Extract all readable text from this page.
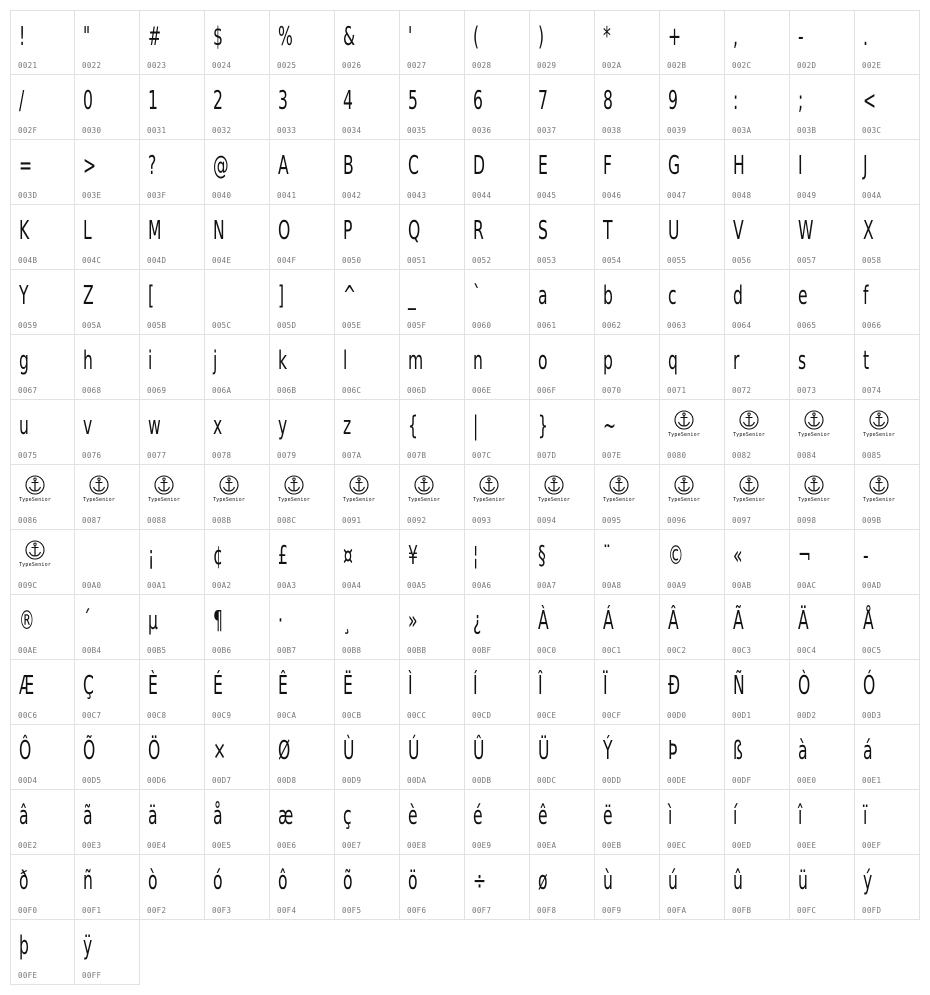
!
0021
"
0022
#
0023
$
0024
%
0025
&
0026
'
0027
(
0028
)
0029
*
002A
+
002B
,
002C
-
002D
.
002E
/
002F
0
0030
1
0031
2
0032
3
0033
4
0034
5
0035
6
0036
7
0037
8
0038
9
0039
:
003A
;
003B
<
003C
=
003D
>
003E
?
003F
@
0040
A
0041
B
0042
C
0043
D
0044
E
0045
F
0046
G
0047
H
0048
I
0049
J
004A
K
004B
L
004C
M
004D
N
004E
O
004F
P
0050
Q
0051
R
0052
S
0053
T
0054
U
0055
V
0056
W
0057
X
0058
Y
0059
Z
005A
[
005B	005C
]
005D
^
005E
_
005F
`
0060
a
0061
b
0062
c
0063
d
0064
e
0065
f
0066
g
0067
h
0068
i
0069
j
006A
k
006B
l
006C
m
006D
n
006E
o
006F
p
0070
q
0071
r
0072
s
0073
t
0074
u
0075
v
0076
w
0077
x
0078
y
0079
z
007A
{
007B
|
007C
}
007D
~
007E
TypeSenior
0080
TypeSenior
0082
TypeSenior
0084
TypeSenior
0085
TypeSenior
0086
TypeSenior
0087
TypeSenior
0088
TypeSenior
008B
TypeSenior
008C
TypeSenior
0091
TypeSenior
0092
TypeSenior
0093
TypeSenior
0094
TypeSenior
0095
TypeSenior
0096
TypeSenior
0097
TypeSenior
0098
TypeSenior
009B
TypeSenior
009C	00A0
¡
00A1
¢
00A2
£
00A3
¤
00A4
¥
00A5
¦
00A6
§
00A7
¨
00A8
©
00A9
«
00AB
¬
00AC
-
00AD
®
00AE
´
00B4
µ
00B5
¶
00B6
·
00B7
¸
00B8
»
00BB
¿
00BF
À
00C0
Á
00C1
Â
00C2
Ã
00C3
Ä
00C4
Å
00C5
Æ
00C6
Ç
00C7
È
00C8
É
00C9
Ê
00CA
Ë
00CB
Ì
00CC
Í
00CD
Î
00CE
Ï
00CF
Ð
00D0
Ñ
00D1
Ò
00D2
Ó
00D3
Ô
00D4
Õ
00D5
Ö
00D6
×
00D7
Ø
00D8
Ù
00D9
Ú
00DA
Û
00DB
Ü
00DC
Ý
00DD
Þ
00DE
ß
00DF
à
00E0
á
00E1
â
00E2
ã
00E3
ä
00E4
å
00E5
æ
00E6
ç
00E7
è
00E8
é
00E9
ê
00EA
ë
00EB
ì
00EC
í
00ED
î
00EE
ï
00EF
ð
00F0
ñ
00F1
ò
00F2
ó
00F3
ô
00F4
õ
00F5
ö
00F6
÷
00F7
ø
00F8
ù
00F9
ú
00FA
û
00FB
ü
00FC
ý
00FD
þ
00FE
ÿ
00FF
